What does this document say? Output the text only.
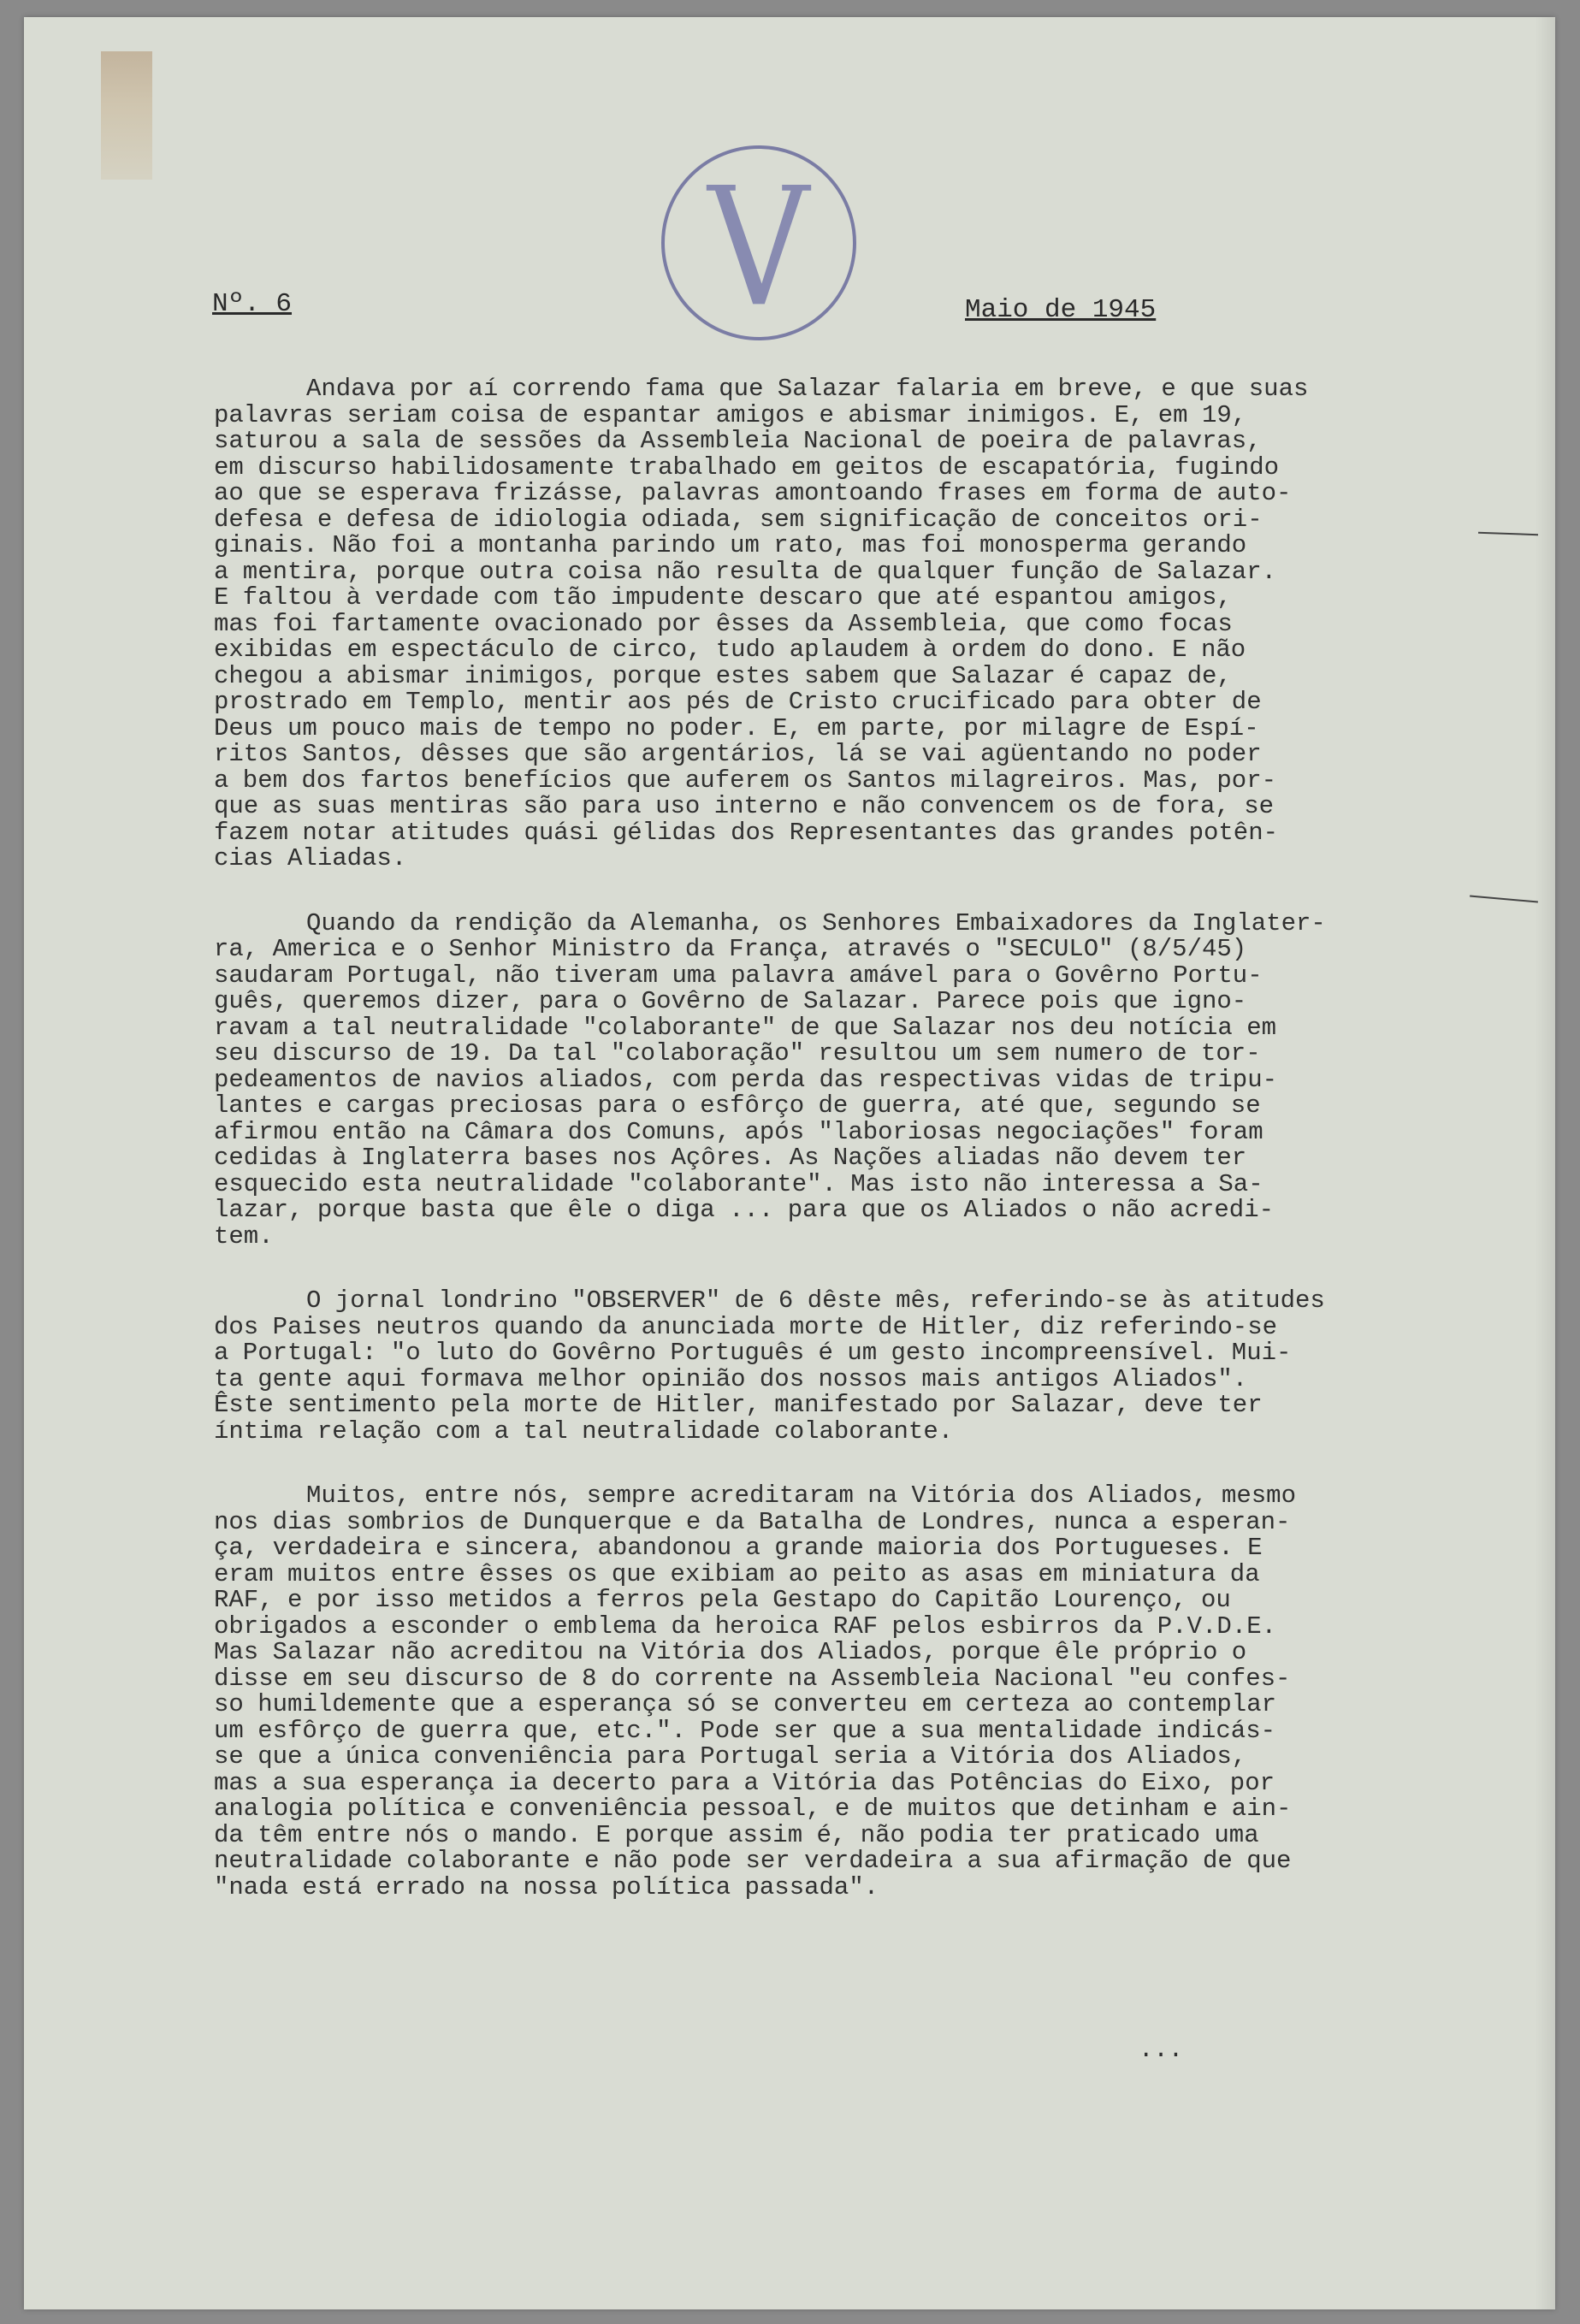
Nº. 6	Maio de 1945
Andava por aí correndo fama que Salazar falaria em breve, e que suas
palavras seriam coisa de espantar amigos e abismar inimigos. E, em 19,
saturou a sala de sessões da Assembleia Nacional de poeira de palavras,
em discurso habilidosamente trabalhado em geitos de escapatória, fugindo
ao que se esperava frizásse, palavras amontoando frases em forma de auto-
defesa e defesa de idiologia odiada, sem significação de conceitos ori-
ginais. Não foi a montanha parindo um rato, mas foi monosperma gerando
a mentira, porque outra coisa não resulta de qualquer função de Salazar.
E faltou à verdade com tão impudente descaro que até espantou amigos,
mas foi fartamente ovacionado por êsses da Assembleia, que como focas
exibidas em espectáculo de circo, tudo aplaudem à ordem do dono. E não
chegou a abismar inimigos, porque estes sabem que Salazar é capaz de,
prostrado em Templo, mentir aos pés de Cristo crucificado para obter de
Deus um pouco mais de tempo no poder. E, em parte, por milagre de Espí-
ritos Santos, dêsses que são argentários, lá se vai agüentando no poder
a bem dos fartos benefícios que auferem os Santos milagreiros. Mas, por-
que as suas mentiras são para uso interno e não convencem os de fora, se
fazem notar atitudes quási gélidas dos Representantes das grandes potên-
cias Aliadas.
Quando da rendição da Alemanha, os Senhores Embaixadores da Inglater-
ra, America e o Senhor Ministro da França, através o "SECULO" (8/5/45)
saudaram Portugal, não tiveram uma palavra amável para o Govêrno Portu-
guês, queremos dizer, para o Govêrno de Salazar. Parece pois que igno-
ravam a tal neutralidade "colaborante" de que Salazar nos deu notícia em
seu discurso de 19. Da tal "colaboração" resultou um sem numero de tor-
pedeamentos de navios aliados, com perda das respectivas vidas de tripu-
lantes e cargas preciosas para o esfôrço de guerra, até que, segundo se
afirmou então na Câmara dos Comuns, após "laboriosas negociações" foram
cedidas à Inglaterra bases nos Açôres. As Nações aliadas não devem ter
esquecido esta neutralidade "colaborante". Mas isto não interessa a Sa-
lazar, porque basta que êle o diga ... para que os Aliados o não acredi-
tem.
O jornal londrino "OBSERVER" de 6 dêste mês, referindo-se às atitudes
dos Paises neutros quando da anunciada morte de Hitler, diz referindo-se
a Portugal: "o luto do Govêrno Português é um gesto incompreensível. Mui-
ta gente aqui formava melhor opinião dos nossos mais antigos Aliados".
Êste sentimento pela morte de Hitler, manifestado por Salazar, deve ter
íntima relação com a tal neutralidade colaborante.
Muitos, entre nós, sempre acreditaram na Vitória dos Aliados, mesmo
nos dias sombrios de Dunquerque e da Batalha de Londres, nunca a esperan-
ça, verdadeira e sincera, abandonou a grande maioria dos Portugueses. E
eram muitos entre êsses os que exibiam ao peito as asas em miniatura da
RAF, e por isso metidos a ferros pela Gestapo do Capitão Lourenço, ou
obrigados a esconder o emblema da heroica RAF pelos esbirros da P.V.D.E.
Mas Salazar não acreditou na Vitória dos Aliados, porque êle próprio o
disse em seu discurso de 8 do corrente na Assembleia Nacional "eu confes-
so humildemente que a esperança só se converteu em certeza ao contemplar
um esfôrço de guerra que, etc.". Pode ser que a sua mentalidade indicás-
se que a única conveniência para Portugal seria a Vitória dos Aliados,
mas a sua esperança ia decerto para a Vitória das Potências do Eixo, por
analogia política e conveniência pessoal, e de muitos que detinham e ain-
da têm entre nós o mando. E porque assim é, não podia ter praticado uma
neutralidade colaborante e não pode ser verdadeira a sua afirmação de que
"nada está errado na nossa política passada".
...
